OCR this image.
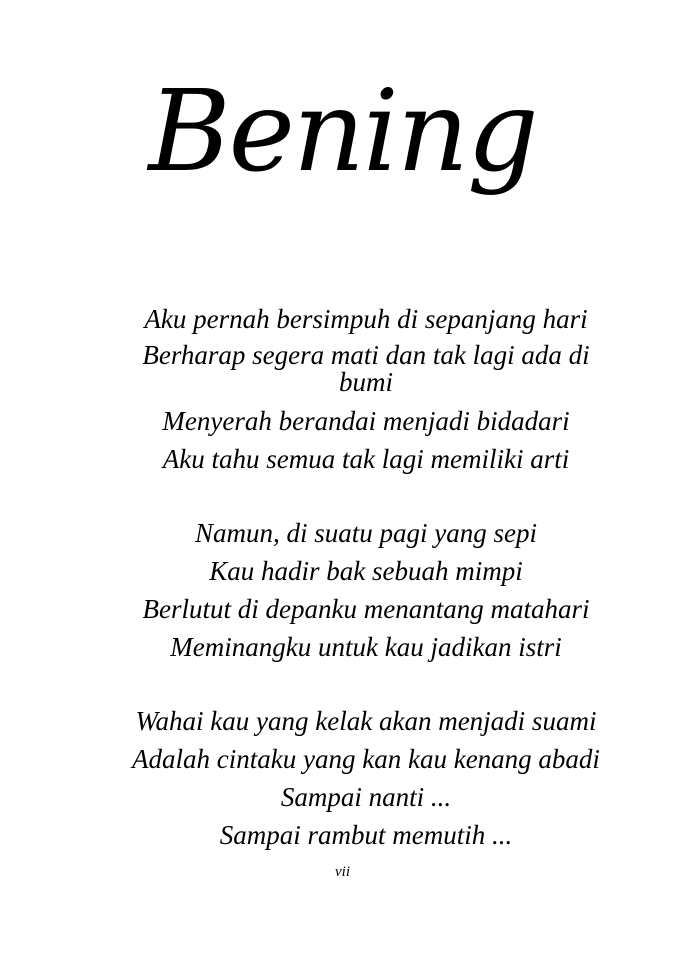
Bening
Aku pernah bersimpuh di sepanjang hari
Berharap segera mati dan tak lagi ada di bumi
Menyerah berandai menjadi bidadari
Aku tahu semua tak lagi memiliki arti
Namun, di suatu pagi yang sepi
Kau hadir bak sebuah mimpi
Berlutut di depanku menantang matahari
Meminangku untuk kau jadikan istri
Wahai kau yang kelak akan menjadi suami
Adalah cintaku yang kan kau kenang abadi
Sampai nanti ...
Sampai rambut memutih ...
vii
